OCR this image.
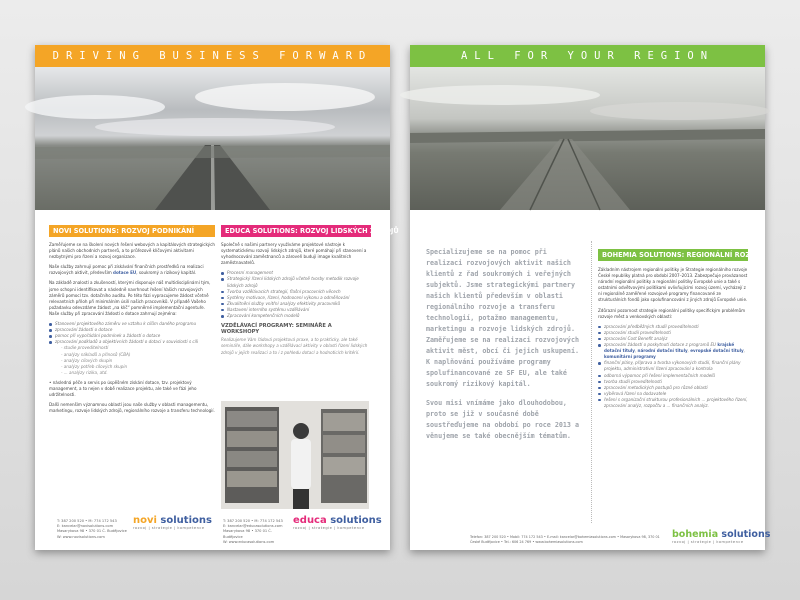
DRIVING BUSINESS FORWARD
NOVI SOLUTIONS: ROZVOJ PODNIKÁNÍ

Zaměřujeme se na školení nových řešení webových a kapitálových strategických plánů našich obchodních partnerů, a to průřezově klíčovými aktivitami nezbytnými pro řízení a rozvoj organizace.

Naše služby zahrnují pomoc při získávání finančních prostředků na realizaci rozvojových aktivit, především dotace EU, soukromý a rizikový kapitál.

Na základě znalostí a zkušeností, kterými disponuje náš multidisciplinární tým, jsme schopni identifikovat a následně navrhnout řešení Vašich rozvojových záměrů pomocí tzv. dotačního auditu. Po této fázi vypracujeme žádost včetně relevantních příloh při minimálním úsilí našich pracovníků. V případě Vašeho požadavku odevzdáme žádost „na klíč“ pomněrné implementační agentuře. Naše služby při zpracování žádostí o dotace zahrnují zejména:

Stanovení projektového záměru ve vztahu k cílům daného programu
zpracování žádosti o dotace
pomoc při vypořádání podmínek a žádostí o dotace
zpracování podkladů a objektivních žádostí o dotaci v souvislosti s cíli
- studie proveditelnosti
- analýzy nákladů a přínosů (CBA)
- analýzy cílových skupin
- analýzy potřeb cílových skupin
- ... analýzy rizika, atd.

• následná péče a servis po úspěšném získání dotace, tzv. projektový management, a to nejen v době realizace projektu, ale také ve fázi jeho udržitelnosti.

Další nemenším významnou oblastí jsou naše služby v oblasti managementu, marketingu, rozvoje lidských zdrojů, regionálního rozvoje a transferu technologií.

EDUCA SOLUTIONS: ROZVOJ LIDSKÝCH ZDROJŮ

Společně s našimi partnery využíváme projektové nástroje k systematickému rozvoji lidských zdrojů, které pomáhají při stanovení a vyhodnocování zaměstnanců a zároveň budují image kvalitních zaměstnavatelů.

Procesní management
Strategický řízení lidských zdrojů včetně tvorby metodik rozvoje lidských zdrojů
Tvorba vzdělávacích strategií, flašní pracovních věcech
Systémy motivace, řízení, hodnocení výkonu a odměňování
Zkvalitnění služby vnitřní analýzy efektivity pracovníků
Nastavení interního systému vzdělávání
Zpracování kompetenčních modelů
VZDĚLÁVACÍ PROGRAMY: SEMINÁŘE A WORKSHOPY

Realizujeme Vám řádová projektová praxe, a to prakticky, ale také semináře, dále workshopy a vzdělávací aktivity v oblasti řízení lidských zdrojů v jejich realizaci a to i z pohledu dotací a hodnoticích kritérií.

T: 387 200 520 • M: 774 172 543
E: kancelar@novisolutions.com
Masarykova 98 • 370 01 Č. Budějovice
W: www.novisolutions.com
novi solutions
rozvoj | strategie | kompetence
T: 387 200 520 • M: 774 172 543
E: kancelar@educasolutions.com
Masarykova 98 • 370 01 Č. Budějovice
W: www.educasolutions.com
educa solutions
rozvoj | strategie | kompetence
ALL FOR YOUR REGION

Specializujeme se na pomoc při realizaci rozvojových aktivit našich klientů z řad soukromých i veřejných subjektů. Jsme strategickými partnery našich klientů především v oblasti regionálního rozvoje a transferu technologií, potažmo managementu, marketingu a rozvoje lidských zdrojů. Zaměřujeme se na realizaci rozvojových aktivit měst, obcí či jejich uskupení. K naplňování používáme programy spolufinancované ze SF EU, ale také soukromý rizikový kapitál.

Svou misi vnímáme jako dlouhodobou, proto se již v současné době soustřeďujeme na období po roce 2013 a věnujeme se také obecnějším tématům.

BOHEMIA SOLUTIONS: REGIONÁLNÍ ROZVOJ

Základním nástrojem regionální politiky je Strategie regionálního rozvoje České republiky platná pro období 2007–2013. Zabezpečuje provázanost národní regionální politiky a regionální politiky Evropské unie a také s ostatními odvětvovými politikami ovlivňujícími rozvoj území, vycházejí z ní regionálně zaměřené rozvojové programy financované ze strukturálních fondů jako spolufinancování z jiných zdrojů Evropské unie.

Zdůrazní pozornost strategie regionální politiky specifickým problémům rozvoje měst a venkovských oblastí:

zpracování předběžných studií proveditelnosti
zpracování studií proveditelnosti
zpracování Cost Benefit analýz
zpracování žádostí o poskytnutí dotace z programů EU krajské dotační tituly, národní dotační tituly, evropské dotační tituly, komunitární programy
finanční plány, příprava a tvorba výkonových studií, finanční plány projektu, administrativní řízení zpracování a kontrola
odborná výpomoc při řešení implementačních modelů
tvorba studií proveditelnosti
zpracování metodických postupů pro různé oblasti
výběrová řízení na dodavatele
řešení s organizační strukturou profesionálních ... projektového řízení, zpracování analýz, rozpočtu a ... finančních analýz.
Telefon: 387 200 520 • Mobil: 774 172 543 • E-mail: kancelar@bohemiasolutions.com • Masarykova 98, 370 01 České Budějovice • Tel.: 606 24 769 • www.bohemiasolutions.com
bohemia solutions
rozvoj | strategie | kompetence
